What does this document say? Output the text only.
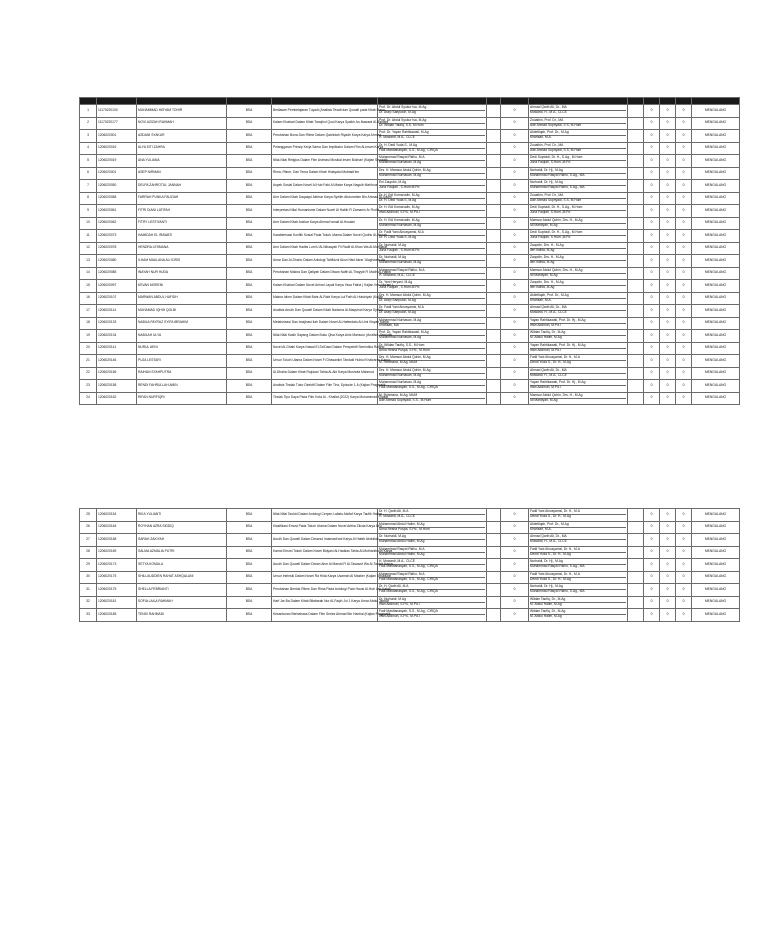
1	11170220100	MUHAMMAD HISYAM TOHIR	BSA	Bediasan Pembelajaran Tuyadi (Analisis Tesalt dan Qowafi pada Kitab Masa	Prof. Dr. Abdul Syukur Isa, M.Ag
Dr. Asep Saepuloh, M.Ag		0	Ahmad Qarib Ali, Dr., MA
Muwardi, H., M.A., CLCE		0	0	0	MENGULANG
2	11170220177	NOVI AZIZAH RAHMAH	BSA	Kalam Khabari Dalam Kitab Tanqihul Qoul Karya Syaikh An-Nawawi Al-Bantani	Prof. Dr. Abdul Syukur Isa, M.Ag
Dr. Wildan Taufiq, S.S, M.Hum		0	Zouaibin, Prof. Dr., MA
Ade Ahmad Supriyadi, S.S, M.Hum		0	0	0	MENGULANG
3	1206020001	ASDANI SYAKUR	BSA	Perubahan Bona Dan Ritme Dalam Qashidah Riyadh Karya Karya Ahmad	Prof. Dr. Yayan Rahtikawati, M.Ag
H. Muwardi, M.A., CLCE		0	Aktieltiqah, Prof. Dr., M.Ag
Kharisah, M.A.		0	0	0	MENGULANG
4	1206020016	ALYA SITI ZAHRA	BSA	Pelanggaran Prinsip Kerja Sama Dan Implikatur Dalam Film Al-Imam Karya	Dr. H. Dedi Yuda S., M.Ag
Fadi Mardianasyah, S.S., M.Ag., CIRQA		0	Zouaibin, Prof. Dr., MA
Ade Ahmad Supriyadi, S.S, M.Hum		0	0	0	MENGULANG
5	1206020019	ANA YULIANA	BSA	Nilai-Nilai Religius Dalam Film Animasi Musikal Imam Bukhari (Kajian Semiotik	Muhammad Rasyid Ridho, M.A
Muhammad Nurhasan, M.Ag		0	Dedi Supriadi, Dr. H., S.Ag., M.Hum
Juna Faujiah, S.Hum.,M.Pd		0	0	0	MENGULANG
6	1206020001	ASEP NIRMAN	BSA	Rima, Ritme, Dan Tema Dalam Kitab Hidayatul Mubtadi'ien	Drs. H. Mamsur Abdul Qohin, M.Ag
Muhammad Nurhasan, M.Ag		0	Nurhaidi, Dr. Hj., M.Ag
Muhammad Rasyid Ridho, S.Ag., MA		0	0	0	MENGULANG
7	1206020050	DELPA ZAHROTUL JANNAH	BSA	Aspek Sosial Dalam Novel Al Hub Fabi Al Matar Karya Naguib Mahfouz	Eni Zaupdin, M.Ag
Juna Faujiah , S.Hum.M.Pd		0	Nurhaidi, Dr. Hj., M.Ag
Muhammad Rasyid Ridho, S.Ag., MA		0	0	0	MENGULANG
8	1206020058	FARRAH PUNKA FAUZIAH	BSA	Amr Dalam Kitab Daqaiqul Akhbar Karya Syeikh Abdurrahim Bin Ahmad Al-Qadhi	Dr. H. Edi Komarudin, M.Ag
Dr. H. Dedi Yuda S, M.Ag		0	Zouaibin, Prof. Dr., MA
Ade Ahmad Supriyadi, S.S, M.Hum		0	0	0	MENGULANG
9	1206020061	FITRI DIANI LATIFAH	BSA	Interpretasi Nilai Humanisme Dalam Novel Al Habib Fi Zamanin Ar Rudhi	Dr. H. Edi Komarudin, M.Ag
Irfan Addinuh, S.Pd., M.Pd.I		0	Dedi Supriadi, Dr. H., S.Ag., M.Hum
Juna Faujiah, S.Hum.,M.Pd		0	0	0	MENGULANG
10	1206020062	FITRY LESTIYANTI	BSA	Amr Dalam Kitab Adzkar Karya Ahmad Ismail Al-Husaini	Dr. H. Edi Komarudin, M.Ag
Muhammad Nurhasan, M.Ag		0	Mamsur Abdul Qohin, Drs. H., M.Ag
Idi Mardiyah, M.Ag		0	0	0	MENGULANG
11	1206020073	HAMIDAH EL IRAWATI	BSA	Karakterisasi Konflik Sosial Pada Tokoh Utama Dalam Novel Qodhu Al-Jinnah	Dr. Fadil Yani Ainusyamsi, M.A
Dr. H. Dedi Yuda S, M.Ag		0	Dedi Supriadi, Dr. H., S.Ag., M.Hum
Juna Faujiah, S.Hum.,M.Pd		0	0	0	MENGULANG
12	1206020078	HENDRA LESMANA	BSA	Amr Dalam Kitab Hadits Lum'U Al-Nibaayah Fii Radif Al-Khan Wa Al-Muhdarat	Dr. Nurhaidi, M.Ag
Juna Faujiah , S.Hum.M.Pd		0	Zaupdin, Drs. H., M.Ag
Ilen Istihla, M.Ag		0	0	0	MENGULANG
13	1206020080	ILHAM MAULANA ALI IDRIS	BSA	Amar Dan Al-Dhaho Dalam Antologi Tahfidzul Akun Nisit Akrar 'Alaghzatin Ab	Dr. Nurhaidi, M.Ag
Muhammad Nurhasan, M.Ag		0	Zaupdin, Drs. H., M.Ag
Ilen Istihla, M.Ag		0	0	0	MENGULANG
14	1206020085	INAYAH NUR HUDA	BSA	Perubahan Makna Dan Qafiyah Dalam Diwan Nafih Al-Thayyib Fi Madh Al-Habib	Muhammad Rasyid Ridho, M.A
H. Muwardi, M.A., CLCE		0	Mamsur Abdul Qohin, Drs. H., M.Ag
Idi Mardiyah, M.Ag		0	0	0	MENGULANG
15	1206020097	KEVAN MORENI	BSA	Kalam Khabari Dalam Novel Anhari Layali Karya Yasa Fatria ( Kajian Ilmu Ma'ani )	Dr. Yeni Heryani, M.Ag
Juna Faujiah , S.Hum.M.Pd		0	Zaupdin, Drs. H., M.Ag
Ilen Istihla, M.Ag		0	0	0	MENGULANG
16	1206020107	MARWAN ABDUL HAFIDH	BSA	Makna Idiom Dalam Kitab Bahr Al-Rabi Karya Lut'Fath Al-Hutubiyah (Kajian	Drs. H. Mamsur Abdul Qohin, M.Ag
Dr. Asep Saepuloh, M.Ag		0	Aktieltiqah, Prof. Dr., M.Ag
Kharisah, M.A.		0	0	0	MENGULANG
17	1206020114	MUHAMAD IQHIH QOLBI	BSA	Analisis Arudh Dan Qowafi Dalam Kitab Nadzma Al-Maqshud Karya Syeikh	Dr. Fadil Yani Ainusyamsi, M.A
Dr. Asep Saepuloh, M.Ag		0	Ahmad Qarib Ali, Dr., MA
Muwardi, H., M.A., CLCE		0	0	0	MENGULANG
18	1206020133	NABILA FAYRUZ SYIFA IBRAHIM	BSA	Metaforisasi Dan Imajinasi Ilah Dalam Novel Al-Hafeedatu Al-Umi Kisyah Karya	Muhammad Nurhasan, M.Ag
Kharisah, MA		0	Yayan Rahtikawati, Prof. Dr. Hj., M.Ag
Irfan Addinuh, M.Pd.I		0	0	0	MENGULANG
19	1206020134	NABILAH ULYA	BSA	Nilai-Nilai Kasih Sayang Dalam Buku Qisa Karya Anis Mansour (Analisis Semiotik	Prof. Dr. Yayan Rahtikawati, M.Ag
Muhammad Nurhasan, M.Ag		0	Wildan Taufiq, Dr., M.Ag
M. Abdul Halim, M.Ag		0	0	0	MENGULANG
20	1206020141	NURUL AENI	BSA	Novel Al-Ghabi Karya Nawal El-Sa'Dawi Dalam Perspektif Semiotika Roland	Dr. Wildan Taufiq, S.S., M.Hum
Anna Resha Puspa, S.Pd., M.Hum		0	Yayan Rahtikawati, Prof. Dr. Hj., M.Ag
Irfan Addinuh, M.Pd.I		0	0	0	MENGULANG
21	1206020146	PUJA LESTARI	BSA	Unsur Tokoh Utama Dalam Novel Fi Dhasanikri Tandaki Hublul Khaizaran Karya	Drs. H. Mamsur Abdul Qohin, M.Ag
M. Rohmana, M.Ag, MUM		0	Fadil Yani Ainusyamsi, Dr. H., M.A
Dendi Yuda S., Dr. H., M.Ag		0	0	0	MENGULANG
22	1206020156	RAIHAN SYAHPUTRA	BSA	Al-Dhaha Dalam Kitab Rujukan Tahta Al-Abi Karya Mushofa Mahmud	Drs. H. Mamsur Abdul Qohin, M.Ag
Muhammad Nurhasan, M.Ag		0	Ahmad Qarib Ali, Dr., MA
Muwardi, H., M.A., CLCE		0	0	0	MENGULANG
23	1206020158	RENDI FAHRULLAH AMIN	BSA	Analisis Tindak Tutur Direktif Dalam Film Tinz, Episode 1-6 (Kajian Pragmatik	Muhammad Nurhasan, M.Ag
Fadi Mardianasyah, S.S., M.Ag., CIRQA		0	Yayan Rahtikawati, Prof. Dr. Hj., M.Ag
Irfan Addinuh, M.Pd.I		0	0	0	MENGULANG
24	1206020162	RIFAN NURFIQRI	BSA	Tindak Tipu Daya Pada Film Kota Al - Khallat (2022) Karya Muhammad Khallat	M. Rohmana, M.Ag, MUM
Ade Ahmad Supriyadi, S.S., M.Hum		0	Mamsur Abdul Qohin, Drs. H., M.Ag
Idi Mardiyah, M.Ag		0	0	0	MENGULANG
25	1206020154	RIKA YULIANTI	BSA	Nilai-Nilai Tauhid Dalam Antologi Cerpen Lailatu Alsifaf Karya Taufik Hakim	Dr. H. Qarib Ali, M.A
H. Muwardi, M.A., CLCE		0	Fadil Yani Ainusyamsi, Dr. H., M.A
Dendi Yuda S., Dr. H., M.Ag		0	0	0	MENGULANG
26	1206020164	ROYHAN AZRA SIDDIQ	BSA	Klasifikasi Emosi Pada Tokoh Utama Dalam Novel Aritha Zikola Karya Abu	Muhammad Abdul Halim, M.Ag
Anna Resha Puspa, S.Pd., M.Hum		0	Aktieltiqah, Prof. Dr., M.Ag
Kharisah, M.A.		0	0	0	MENGULANG
27	1206020168	SARAH ZAKIYAH	BSA	Arudh Dan Qowafi Dalam Diwanul Imamasti'ani Karya Al Habib Abdullah	Dr. Nurhaidi, M.Ag
Muhammad Abdul Halim, M.Ag		0	Ahmad Qarib Ali, Dr., MA
Muwardi, H., M.A., CLCE		0	0	0	MENGULANG
28	1206020169	SALMA AZMALIA PUTRI	BSA	Kamoi Emosi Tokoh Dalam Novel Bidyani Al-Haddas Tahta Al-Mothanthoah Karya	Muhammad Rasyid Ridho, M.A
Muhammad Abdul Halim, M.Ag		0	Fadil Yani Ainusyamsi, Dr. H., M.A
Dendi Yuda S., Dr. H., M.Ag		0	0	0	MENGULANG
29	1206020173	SETYA KOMALA	BSA	Arudh Dan Qowafi Dalam Diwan Ahm Al Marsid Fi Al-Tasawuf Wa Al-Tauhid Karya	H. Muwardi, M.A., CLCE
Fadi Mardianasyah, S.S., M.Ag., CIRQA		0	Nurhaidi, Dr. Hj., M.Ag
Muhammad Rasyid Ridho, S.Ag., MA		0	0	0	MENGULANG
30	1206020175	SHILLAUDDIEN RAHAT ASHQALANI	BSA	Unsur Intrinsik Dalam Novel Ra Hida Karya Usamah Al Mastier (Kajian Struktural	Muhammad Rasyid Ridho, M.A
Fadi Mardianasyah, S.S., M.Ag., CIRQA		0	Fadil Yani Ainusyamsi, Dr. H., M.A
Dendi Yuda S., Dr. H., M.Ag		0	0	0	MENGULANG
31	1206020175	SHELLA FEBRIANTI	BSA	Perubahan Bentuk Ritme Dan Rima Pada Antologi Puisi Hausi Al-Hub Lah Katan	Dr. H. Qarib Ali, M.A
Fadi Mardianasyah, S.S., M.Ag., CIRQA		0	Nurhaidi, Dr. Hj., M.Ag
Muhammad Rasyid Ridho, S.Ag., MA		0	0	0	MENGULANG
32	1206020181	SOFIA LAILA RAHMAH	BSA	Harf Jar Ba Dalam Kitab Bilabarak Nur Al-Faqih Jui 1 Karya Umar Abdul Jabbar	Dr. Nurhaidi, M.Ag
Irfan Addinuh, S.Pd., M.Pd.I		0	Wildan Taufiq, Dr., M.Ag
M. Abdul Halim, M.Ag		0	0	0	MENGULANG
33	1206020185	TENDI RAHMADI	BSA	Kesantunan Berbahasa Dalam Film Series Ahmad Bin Hanbal (Kajian Pragmatik	Fadi Mardianasyah, S.S., M.Ag., CIRQA
Irfan Addinuh, S.Pd., M.Pd.I		0	Wildan Taufiq, Dr., M.Ag
M. Abdul Halim, M.Ag		0	0	0	MENGULANG
